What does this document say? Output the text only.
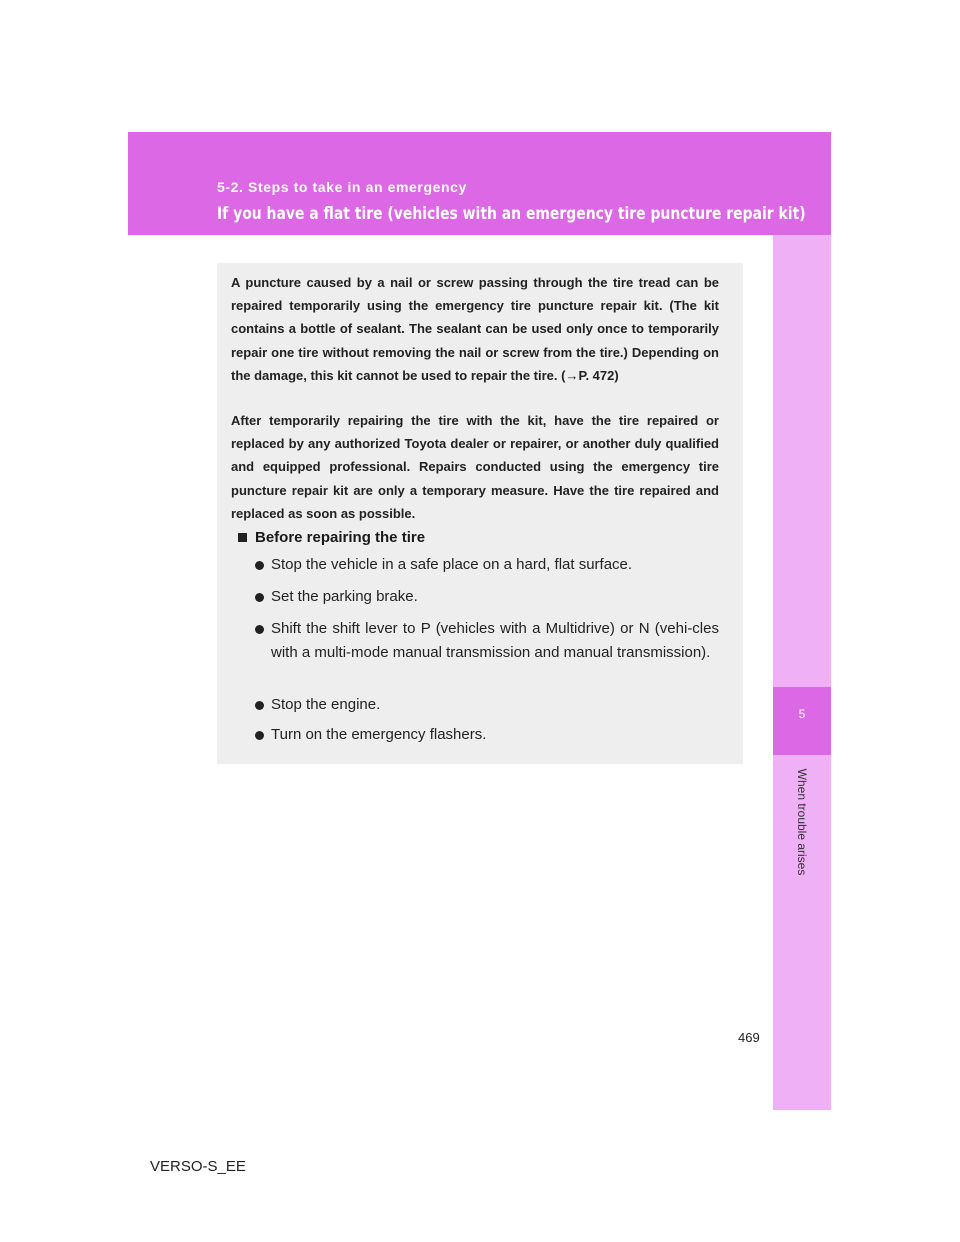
5-2. Steps to take in an emergency
If you have a flat tire (vehicles with an emergency tire puncture repair kit)
5
When trouble arises

A puncture caused by a nail or screw passing through the tire tread can be repaired temporarily using the emergency tire puncture repair kit. (The kit contains a bottle of sealant. The sealant can be used only once to temporarily repair one tire without removing the nail or screw from the tire.) Depending on the damage, this kit cannot be used to repair the tire. (→P. 472)

After temporarily repairing the tire with the kit, have the tire repaired or replaced by any authorized Toyota dealer or repairer, or another duly qualified and equipped professional. Repairs conducted using the emergency tire puncture repair kit are only a temporary measure. Have the tire repaired and replaced as soon as possible.

Before repairing the tire
Stop the vehicle in a safe place on a hard, flat surface.
Set the parking brake.
Shift the shift lever to P (vehicles with a Multidrive) or N (vehi-cles with a multi-mode manual transmission and manual transmission).
Stop the engine.
Turn on the emergency flashers.
469
VERSO-S_EE
